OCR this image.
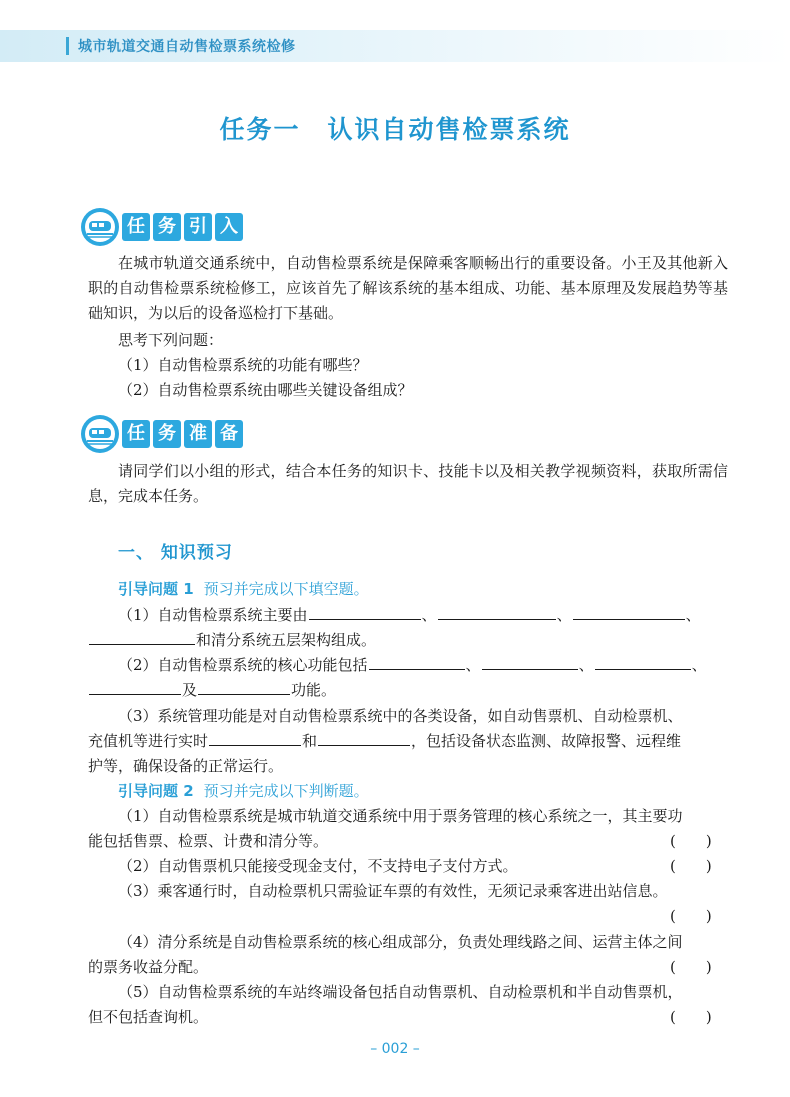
城市轨道交通自动售检票系统检修
任务一　认识自动售检票系统
任 务 引 入
在城市轨道交通系统中，自动售检票系统是保障乘客顺畅出行的重要设备。小王及其他新入职的自动售检票系统检修工，应该首先了解该系统的基本组成、功能、基本原理及发展趋势等基础知识，为以后的设备巡检打下基础。
思考下列问题：
（1）自动售检票系统的功能有哪些？
（2）自动售检票系统由哪些关键设备组成？
任 务 准 备
请同学们以小组的形式，结合本任务的知识卡、技能卡以及相关教学视频资料，获取所需信息，完成本任务。
一、 知识预习
引导问题 1 预习并完成以下填空题。
（1）自动售检票系统主要由	、	、	、
和清分系统五层架构组成。
（2）自动售检票系统的核心功能包括	、	、	、
及	功能。
（3）系统管理功能是对自动售检票系统中的各类设备，如自动售票机、自动检票机、
充值机等进行实时	和	，包括设备状态监测、故障报警、远程维
护等，确保设备的正常运行。
引导问题 2 预习并完成以下判断题。
（1）自动售检票系统是城市轨道交通系统中用于票务管理的核心系统之一，其主要功
能包括售票、检票、计费和清分等。	(　　)
（2）自动售票机只能接受现金支付，不支持电子支付方式。	(　　)
（3）乘客通行时，自动检票机只需验证车票的有效性，无须记录乘客进出站信息。
(　　)
（4）清分系统是自动售检票系统的核心组成部分，负责处理线路之间、运营主体之间
的票务收益分配。	(　　)
（5）自动售检票系统的车站终端设备包括自动售票机、自动检票机和半自动售票机，
但不包括查询机。	(　　)
– 002 –
